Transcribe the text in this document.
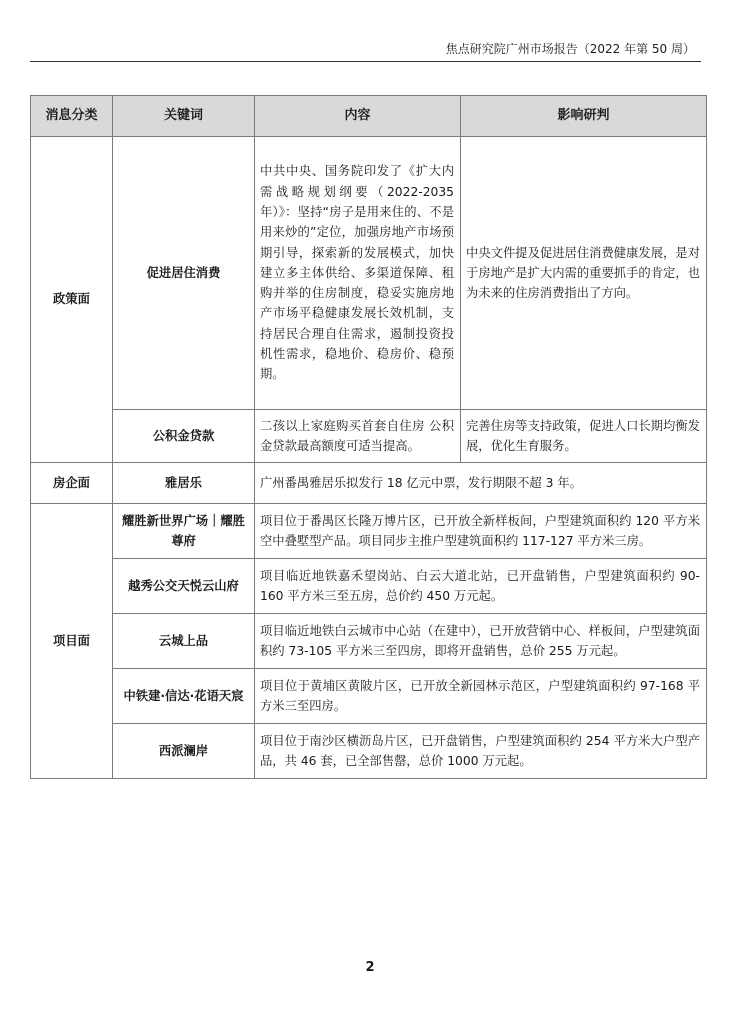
焦点研究院广州市场报告（2022 年第 50 周）
消息分类	关键词	内容	影响研判
政策面	促进居住消费	中共中央、国务院印发了《扩大内需战略规划纲要（2022-2035年）》：坚持“房子是用来住的、不是用来炒的”定位，加强房地产市场预期引导，探索新的发展模式，加快建立多主体供给、多渠道保障、租购并举的住房制度，稳妥实施房地产市场平稳健康发展长效机制，支持居民合理自住需求，遏制投资投机性需求，稳地价、稳房价、稳预期。	中央文件提及促进居住消费健康发展，是对于房地产是扩大内需的重要抓手的肯定，也为未来的住房消费指出了方向。
	公积金贷款	二孩以上家庭购买首套自住房 公积金贷款最高额度可适当提高。	完善住房等支持政策，促进人口长期均衡发展，优化生育服务。
房企面	雅居乐	广州番禺雅居乐拟发行 18 亿元中票，发行期限不超 3 年。	
项目面	耀胜新世界广场｜耀胜尊府	项目位于番禺区长隆万博片区，已开放全新样板间，户型建筑面积约 120 平方米空中叠墅型产品。项目同步主推户型建筑面积约 117-127 平方米三房。	
	越秀公交天悦云山府	项目临近地铁嘉禾望岗站、白云大道北站，已开盘销售，户型建筑面积约 90-160 平方米三至五房，总价约 450 万元起。	
	云城上品	项目临近地铁白云城市中心站（在建中），已开放营销中心、样板间，户型建筑面积约 73-105 平方米三至四房，即将开盘销售，总价 255 万元起。	
	中铁建·信达·花语天宸	项目位于黄埔区黄陂片区，已开放全新园林示范区，户型建筑面积约 97-168 平方米三至四房。	
	西派澜岸	项目位于南沙区横沥岛片区，已开盘销售，户型建筑面积约 254 平方米大户型产品，共 46 套，已全部售罄，总价 1000 万元起。	
2
